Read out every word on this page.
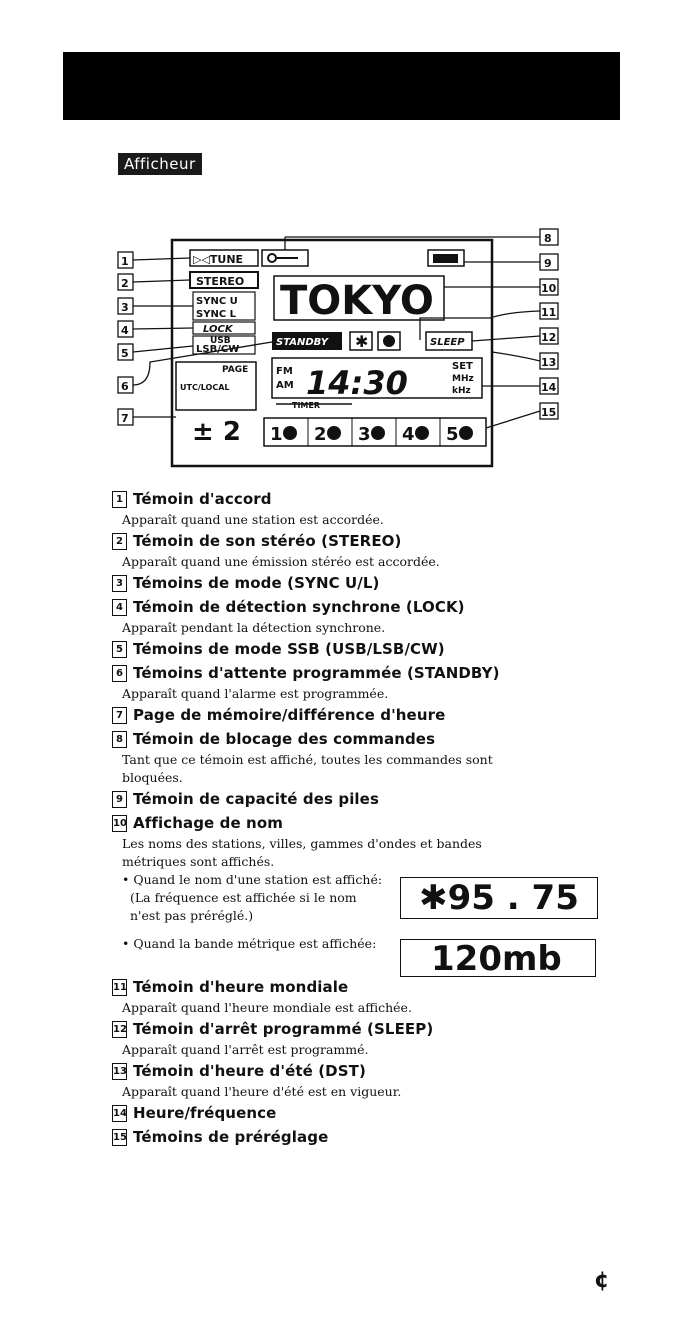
Afficheur
▷◁TUNE
STEREO
SYNC U
SYNC L
LOCK
USB
LSB/CW
PAGE
UTC/LOCAL
± 2
TOKYO
STANDBY ✱	SLEEP
FM
AM 14:30	SET
MHz
kHz
TIMER
1 2 3 4 5
1
2
3
4
5
6
7
8
9
10
11
12
13
14
15
1 Témoin d'accord
Apparaît quand une station est accordée.
2 Témoin de son stéréo (STEREO)
Apparaît quand une émission stéréo est accordée.
3 Témoins de mode (SYNC U/L)
4 Témoin de détection synchrone (LOCK)
Apparaît pendant la détection synchrone.
5 Témoins de mode SSB (USB/LSB/CW)
6 Témoins d'attente programmée (STANDBY)
Apparaît quand l'alarme est programmée.
7 Page de mémoire/différence d'heure
8 Témoin de blocage des commandes
Tant que ce témoin est affiché, toutes les commandes sont bloquées.
9 Témoin de capacité des piles
10 Affichage de nom
Les noms des stations, villes, gammes d'ondes et bandes métriques sont affichés.
• Quand le nom d'une station est affiché:
(La fréquence est affichée si le nom
n'est pas préréglé.)	✱95 . 75
• Quand la bande métrique est affichée:	120mb
11 Témoin d'heure mondiale
Apparaît quand l'heure mondiale est affichée.
12 Témoin d'arrêt programmé (SLEEP)
Apparaît quand l'arrêt est programmé.
13 Témoin d'heure d'été (DST)
Apparaît quand l'heure d'été est en vigueur.
14 Heure/fréquence
15 Témoins de préréglage
¢
